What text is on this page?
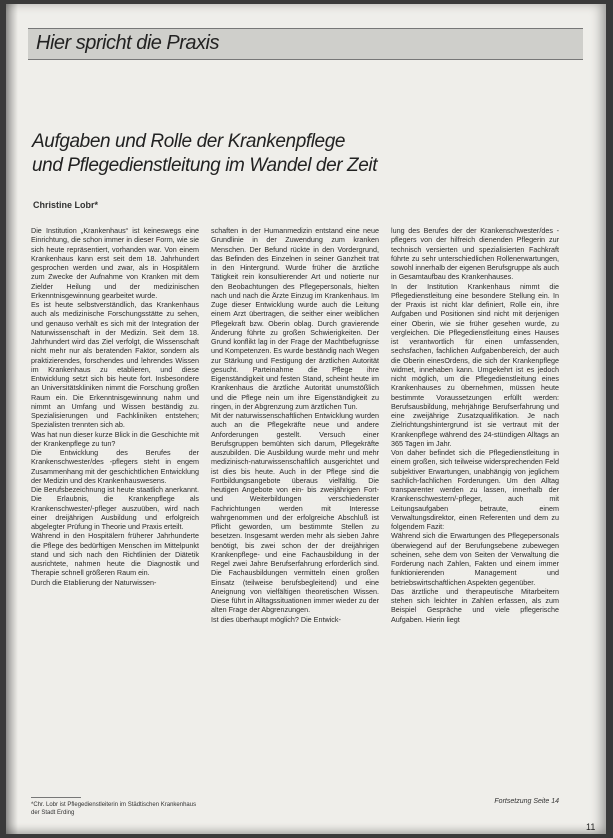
Hier spricht die Praxis
Aufgaben und Rolle der Krankenpflege
und Pflegedienstleitung im Wandel der Zeit
Christine Lobr*

Die Institution „Krankenhaus“ ist keineswegs eine Einrichtung, die schon immer in dieser Form, wie sie sich heute repräsentiert, vorhanden war. Von einem Krankenhaus kann erst seit dem 18. Jahrhundert gesprochen werden und zwar, als in Hospitälern zum Zwecke der Aufnahme von Kranken mit dem Zielder Heilung und der medizinischen Erkenntnisgewinnung gearbeitet wurde.

Es ist heute selbstverständlich, das Krankenhaus auch als medizinische Forschungsstätte zu sehen, und genauso verhält es sich mit der Integration der Naturwissenschaft in der Medizin. Seit dem 18. Jahrhundert wird das Ziel verfolgt, die Wissenschaft nicht mehr nur als beratenden Faktor, sondern als praktizierendes, forschendes und lehrendes Wissen im Krankenhaus zu etablieren, und diese Entwicklung setzt sich bis heute fort. Insbesondere an Universitätskliniken nimmt die Forschung großen Raum ein. Die Erkenntnisgewinnung nahm und nimmt an Umfang und Wissen beständig zu. Spezialisierungen und Fachkliniken entstehen; Spezialisten trennten sich ab.

Was hat nun dieser kurze Blick in die Geschichte mit der Krankenpflege zu tun?

Die Entwicklung des Berufes der Krankenschwester/des -pflegers steht in engem Zusammenhang mit der geschichtlichen Entwicklung der Medizin und des Krankenhauswesens.

Die Berufsbezeichnung ist heute staatlich anerkannt. Die Erlaubnis, die Krankenpflege als Krankenschwester/-pfleger auszuüben, wird nach einer dreijährigen Ausbildung und erfolgreich abgelegter Prüfung in Theorie und Praxis erteilt.

Während in den Hospitälern früherer Jahrhunderte die Pflege des bedürftigen Menschen im Mittelpunkt stand und sich nach den Richtlinien der Diätetik ausrichtete, nahmen heute die Diagnostik und Therapie schnell größeren Raum ein.

Durch die Etablierung der Naturwissen-

schaften in der Humanmedizin entstand eine neue Grundlinie in der Zuwendung zum kranken Menschen. Der Befund rückte in den Vordergrund, das Befinden des Einzelnen in seiner Ganzheit trat in den Hintergrund. Wurde früher die ärztliche Tätigkeit rein konsultierender Art und notierte nur den Beobachtungen des Pflegepersonals, hielten nach und nach die Ärzte Einzug im Krankenhaus. Im Zuge dieser Entwicklung wurde auch die Leitung einem Arzt übertragen, die seither einer weiblichen Pflegekraft bzw. Oberin oblag. Durch gravierende Änderung führte zu großen Schwierigkeiten. Der Grund konflikt lag in der Frage der Machtbefugnisse und Kompetenzen. Es wurde beständig nach Wegen zur Stärkung und Festigung der ärztlichen Autorität gesucht. Parteinahme die Pflege ihre Eigenständigkeit und festen Stand, scheint heute im Krankenhaus die ärztliche Autorität unumstößlich und die Pflege nein um ihre Eigenständigkeit zu ringen, in der Abgrenzung zum ärztlichen Tun.

Mit der naturwissenschaftlichen Entwicklung wurden auch an die Pflegekräfte neue und andere Anforderungen gestellt. Versuch einer Berufsgruppen bemühten sich darum, Pflegekräfte auszubilden. Die Ausbildung wurde mehr und mehr medizinisch-naturwissenschaftlich ausgerichtet und ist dies bis heute. Auch in der Pflege sind die Fortbildungsangebote überaus vielfältig. Die heutigen Angebote von ein- bis zweijährigen Fort- und Weiterbildungen verschiedenster Fachrichtungen werden mit Interesse wahrgenommen und der erfolgreiche Abschluß ist Pflicht geworden, um bestimmte Stellen zu besetzen. Insgesamt werden mehr als sieben Jahre benötigt, bis zwei schon der der dreijährigen Krankenpflege- und eine Fachausbildung in der Regel zwei Jahre Berufserfahrung erforderlich sind. Die Fachausbildungen vermitteln einen großen Einsatz (teilweise berufsbegleitend) und eine Aneignung von vielfältigen theoretischen Wissen. Diese führt in Alltagssituationen immer wieder zu der alten Frage der Abgrenzungen.

Ist dies überhaupt möglich? Die Entwick-

lung des Berufes der der Krankenschwester/des -pflegers von der hilfreich dienenden Pflegerin zur technisch versierten und spezialisierten Fachkraft führte zu sehr unterschiedlichen Rollenerwartungen, sowohl innerhalb der eigenen Berufsgruppe als auch in Gesamtaufbau des Krankenhauses.

In der Institution Krankenhaus nimmt die Pflegedienstleitung eine besondere Stellung ein. In der Praxis ist nicht klar definiert, Rolle ein, ihre Aufgaben und Positionen sind nicht mit derjenigen einer Oberin, wie sie früher gesehen wurde, zu vergleichen. Die Pflegedienstleitung eines Hauses ist verantwortlich für einen umfassenden, sechsfachen, fachlichen Aufgabenbereich, der auch die Oberin einesOrdens, die sich der Krankenpflege widmet, innehaben kann. Umgekehrt ist es jedoch nicht möglich, um die Pflegedienstleitung eines Krankenhauses zu übernehmen, müssen heute bestimmte Voraussetzungen erfüllt werden: Berufsausbildung, mehrjährige Berufserfahrung und eine zweijährige Zusatzqualifikation. Je nach Zielrichtungshintergrund ist sie vertraut mit der Krankenpflege während des 24-stündigen Alltags an 365 Tagen im Jahr.

Von daher befindet sich die Pflegedienstleitung in einem großen, sich teilweise widersprechenden Feld subjektiver Erwartungen, unabhängig von jeglichem sachlich-fachlichen Forderungen. Um den Alltag transparenter werden zu lassen, innerhalb der Krankenschwestern/-pfleger, auch mit Leitungsaufgaben betraute, einem Verwaltungsdirektor, einen Referenten und dem zu folgendem Fazit:

Während sich die Erwartungen des Pflegepersonals überwiegend auf der Berufungsebene zubewegen scheinen, sehe dem von Seiten der Verwaltung die Forderung nach Zahlen, Fakten und einem immer funktionierenden Management und betriebswirtschaftlichen Aspekten gegenüber.

Das ärztliche und therapeutische Mitarbeitern stehen sich leichter in Zahlen erfassen, als zum Beispiel Gespräche und viele pflegerische Aufgaben. Hierin liegt

*Chr. Lobr ist Pflegedienstleiterin im Städtischen Krankenhaus der Stadt Erding
Fortsetzung Seite 14
11
